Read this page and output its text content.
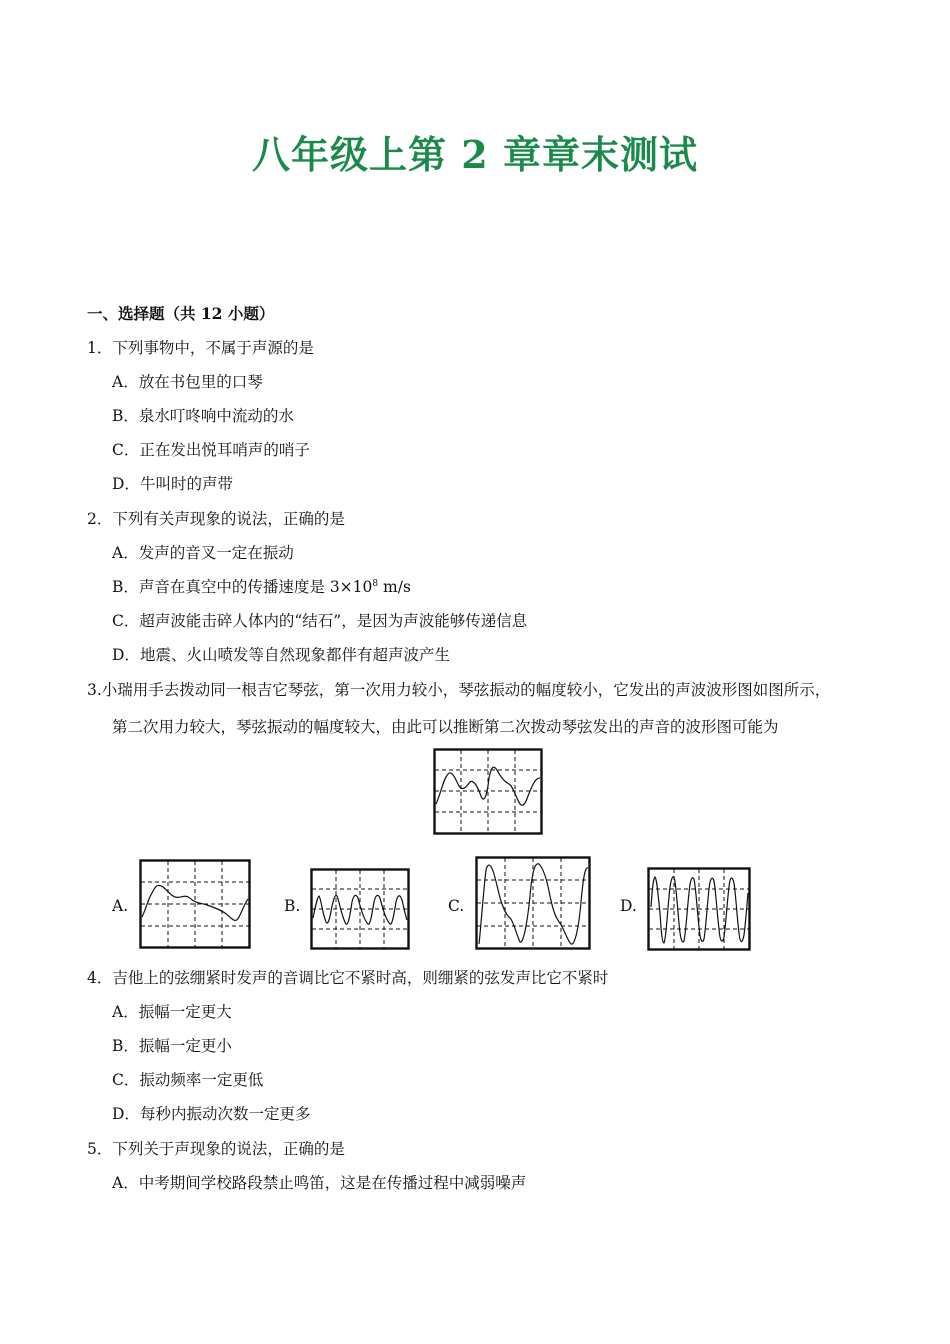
八年级上第 2 章章末测试
一、选择题（共 12 小题）
1．下列事物中，不属于声源的是
A．放在书包里的口琴
B．泉水叮咚响中流动的水
C．正在发出悦耳哨声的哨子
D．牛叫时的声带
2．下列有关声现象的说法，正确的是
A．发声的音叉一定在振动
B．声音在真空中的传播速度是 $3\times 10^8$ m/s
C．超声波能击碎人体内的“结石”，是因为声波能够传递信息
D．地震、火山喷发等自然现象都伴有超声波产生
3.小瑞用手去拨动同一根吉它琴弦，第一次用力较小，琴弦振动的幅度较小，它发出的声波波形图如图所示，
第二次用力较大，琴弦振动的幅度较大，由此可以推断第二次拨动琴弦发出的声音的波形图可能为
A.	B.	C.	D.
4．吉他上的弦绷紧时发声的音调比它不紧时高，则绷紧的弦发声比它不紧时
A．振幅一定更大
B．振幅一定更小
C．振动频率一定更低
D．每秒内振动次数一定更多
5．下列关于声现象的说法，正确的是
A．中考期间学校路段禁止鸣笛，这是在传播过程中减弱噪声
